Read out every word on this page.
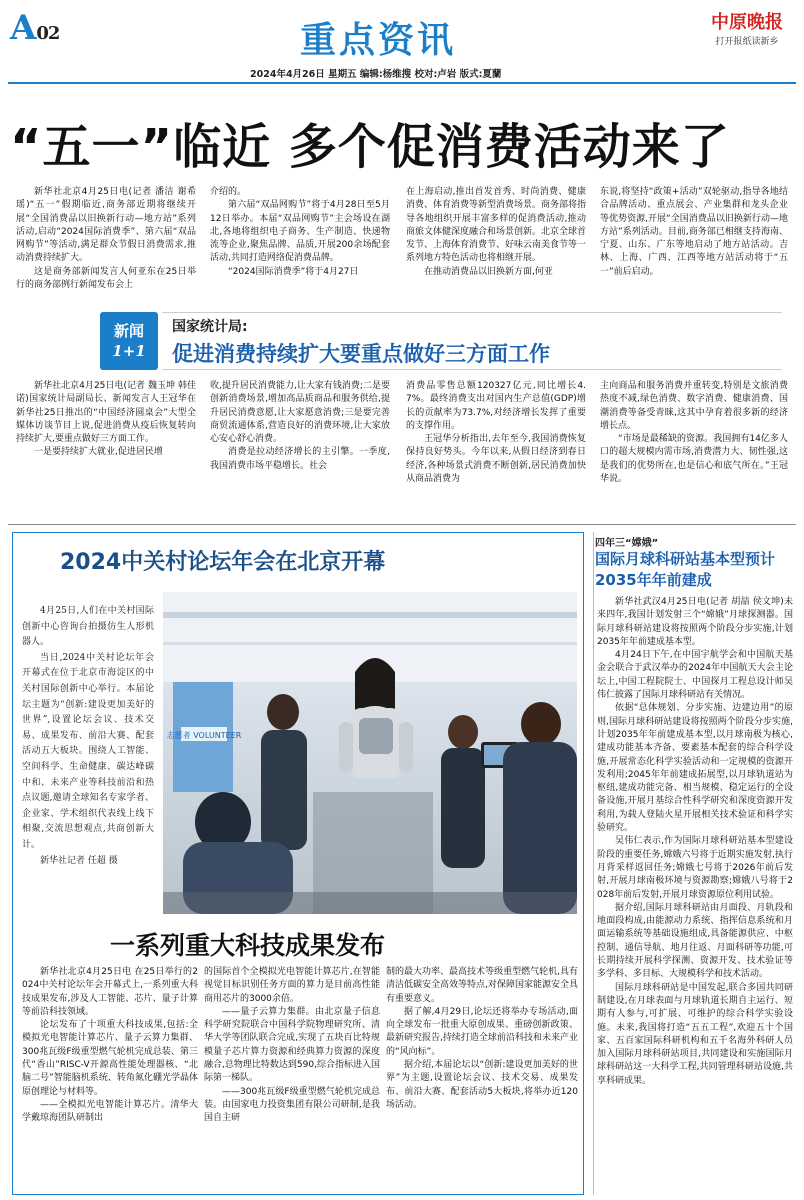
A02	重点资讯	中原晚报
打开报纸读新乡
2024年4月26日 星期五 编辑:杨维搜 校对:卢岩 版式:夏蘭
“五一”临近 多个促消费活动来了

新华社北京4月25日电(记者 潘洁 谢希瑶)“五一”假期临近,商务部近期将继续开展“全国消费品以旧换新行动—地方站”系列活动,启动“2024国际消费季”、第六届“双品网购节”等活动,满足群众节假日消费需求,推动消费持续扩大。

这是商务部新闻发言人何亚东在25日举行的商务部例行新闻发布会上

介绍的。

第六届“双品网购节”将于4月28日至5月12日举办。本届“双品网购节”主会场设在湖北,各地将组织电子商务、生产制造、快递物流等企业,聚焦品牌、品质,开展200余场配套活动,共同打造网络促消费品牌。

“2024国际消费季”将于4月27日

在上海启动,推出首发首秀、时尚消费、健康消费、体育消费等新型消费场景。商务部将指导各地组织开展丰富多样的促消费活动,推动商旅文体健深度融合和场景创新。北京全球首发节、上海体育消费节、好味云南美食节等一系列地方特色活动也将相继开展。

在推动消费品以旧换新方面,何亚

东说,将坚持“政策+活动”双轮驱动,指导各地结合品牌活动、重点展会、产业集群和龙头企业等优势资源,开展“全国消费品以旧换新行动—地方站”系列活动。目前,商务部已相继支持海南、宁夏、山东、广东等地启动了地方站活动。吉林、上海、广西、江西等地方站活动将于“五一”前后启动。

新闻
1+1
国家统计局:
促进消费持续扩大要重点做好三方面工作

新华社北京4月25日电(记者 魏玉坤 韩佳诺)国家统计局副局长、新闻发言人王冠华在新华社25日推出的“中国经济圆桌会”大型全媒体访谈节目上说,促进消费从疫后恢复转向持续扩大,要重点做好三方面工作。

一是要持续扩大就业,促进居民增

收,提升居民消费能力,让大家有钱消费;二是要创新消费场景,增加高品质商品和服务供给,提升居民消费意愿,让大家愿意消费;三是要完善商贸流通体系,营造良好的消费环境,让大家放心安心舒心消费。

消费是拉动经济增长的主引擎。一季度,我国消费市场平稳增长。社会

消费品零售总额120327亿元,同比增长4.7%。最终消费支出对国内生产总值(GDP)增长的贡献率为73.7%,对经济增长发挥了重要的支撑作用。

王冠华分析指出,去年至今,我国消费恢复保持良好势头。今年以来,从假日经济到春日经济,各种场景式消费不断创新,居民消费加快从商品消费为

主向商品和服务消费并重转变,特别是文旅消费热度不减,绿色消费、数字消费、健康消费、国潮消费等备受青睐,这其中孕育着很多新的经济增长点。

“市场是最稀缺的资源。我国拥有14亿多人口的超大规模内需市场,消费潜力大、韧性强,这是我们的优势所在,也是信心和底气所在。”王冠华说。

2024中关村论坛年会在北京开幕

4月25日,人们在中关村国际创新中心咨询台拍摄仿生人形机器人。

当日,2024中关村论坛年会开幕式在位于北京市海淀区的中关村国际创新中心举行。本届论坛主题为“创新:建设更加美好的世界”,设置论坛会议、技术交易、成果发布、前沿大赛、配套活动五大板块。围绕人工智能、空间科学、生命健康、碳达峰碳中和、未来产业等科技前沿和热点议题,邀请全球知名专家学者、企业家、学术组织代表线上线下相聚,交流思想观点,共商创新大计。

新华社记者 任超 摄

志愿者 VOLUNTEER
一系列重大科技成果发布

新华社北京4月25日电 在25日举行的2024中关村论坛年会开幕式上,一系列重大科技成果发布,涉及人工智能、芯片、量子计算等前沿科技领域。

论坛发布了十项重大科技成果,包括:全模拟光电智能计算芯片、量子云算力集群、300兆瓦级F级重型燃气轮机完成总装、第三代“香山”RISC-V开源高性能处理器核、“北脑二号”智能脑机系统、转角氮化硼光学晶体原创理论与材料等。

——全模拟光电智能计算芯片。清华大学戴琼海团队研制出

的国际首个全模拟光电智能计算芯片,在智能视觉目标识别任务方面的算力是目前高性能商用芯片的3000余倍。

——量子云算力集群。由北京量子信息科学研究院联合中国科学院物理研究所、清华大学等团队联合完成,实现了五块百比特规模量子芯片算力资源和经典算力资源的深度融合,总物理比特数达到590,综合指标进入国际第一梯队。

——300兆瓦级F级重型燃气轮机完成总装。由国家电力投资集团有限公司研制,是我国自主研

制的最大功率、最高技术等级重型燃气轮机,具有清洁低碳安全高效等特点,对保障国家能源安全具有重要意义。

据了解,4月29日,论坛还将举办专场活动,面向全球发布一批重大原创成果、重磅创新政策、最新研究报告,持续打造全球前沿科技和未来产业的“风向标”。

据介绍,本届论坛以“创新:建设更加美好的世界”为主题,设置论坛会议、技术交易、成果发布、前沿大赛、配套活动5大板块,将举办近120场活动。

四年三“嫦娥”
国际月球科研站基本型预计2035年年前建成

新华社武汉4月25日电(记者 胡喆 侯文坤)未来四年,我国计划发射三个“嫦娥”月球探测器。国际月球科研站建设将按照两个阶段分步实施,计划2035年年前建成基本型。

4月24日下午,在中国宇航学会和中国航天基金会联合于武汉举办的2024年中国航天大会主论坛上,中国工程院院士、中国探月工程总设计师吴伟仁披露了国际月球科研站有关情况。

依据“总体规划、分步实施、边建边用”的原则,国际月球科研站建设将按照两个阶段分步实施,计划2035年年前建成基本型,以月球南极为核心,建成功能基本齐备、要素基本配套的综合科学设施,开展常态化科学实验活动和一定规模的资源开发利用;2045年年前建成拓展型,以月球轨道站为枢纽,建成功能完备、相当规模、稳定运行的全设备设施,开展月基综合性科学研究和深度资源开发利用,为载人登陆火星开展相关技术验证和科学实验研究。

吴伟仁表示,作为国际月球科研站基本型建设阶段的重要任务,嫦娥六号将于近期实施发射,执行月背采样返回任务;嫦娥七号将于2026年前后发射,开展月球南极环境与资源勘察;嫦娥八号将于2028年前后发射,开展月球资源原位利用试验。

据介绍,国际月球科研站由月面段、月轨段和地面段构成,由能源动力系统、指挥信息系统和月面运输系统等基础设施组成,具备能源供应、中枢控制、通信导航、地月往返、月面科研等功能,可长期持续开展科学探测、资源开发、技术验证等多学科、多目标、大规模科学和技术活动。

国际月球科研站是中国发起,联合多国共同研制建设,在月球表面与月球轨道长期自主运行、短期有人参与,可扩展、可维护的综合科学实验设施。未来,我国将打造“五五工程”,欢迎五十个国家、五百家国际科研机构和五千名海外科研人员加入国际月球科研站项目,共同建设和实施国际月球科研站这一大科学工程,共同管理科研站设施,共享科研成果。
